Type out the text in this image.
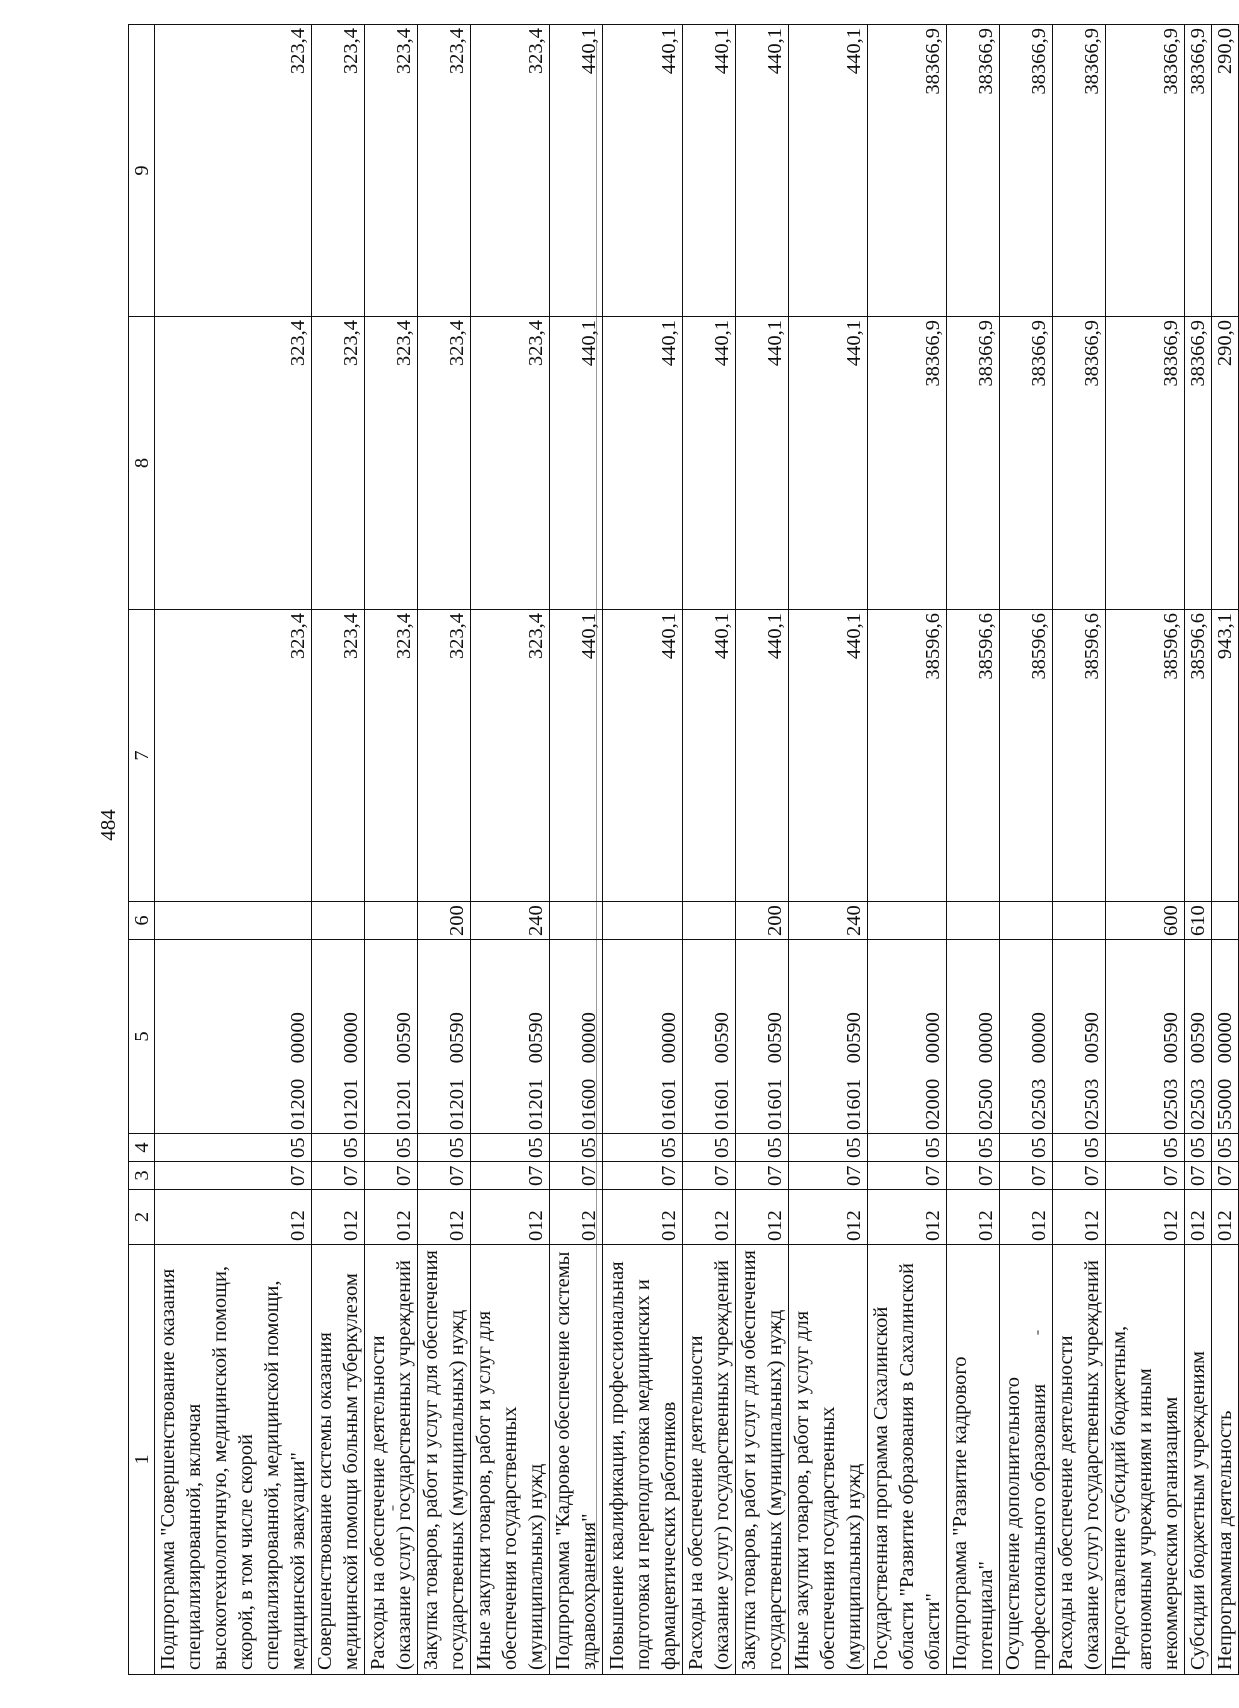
484
1	2	3	4	5	6	7	8	9
Подпрограмма "Совершенствование оказания специализированной, включая высокотехнологичную, медицинской помощи, скорой, в том числе скорой специализированной, медицинской помощи, медицинской эвакуации"	012	07	05	01200   00000		323,4	323,4	323,4
Совершенствование системы оказания медицинской помощи больным туберкулезом	012	07	05	01201   00000		323,4	323,4	323,4
Расходы на обеспечение деятельности (оказание услуг) государственных учреждений	012	07	05	01201   00590		323,4	323,4	323,4
Закупка товаров, работ и услуг для обеспечения государственных (муниципальных) нужд	012	07	05	01201   00590	200	323,4	323,4	323,4
Иные закупки товаров, работ и услуг для обеспечения государственных (муниципальных) нужд	012	07	05	01201   00590	240	323,4	323,4	323,4
Подпрограмма "Кадровое обеспечение системы здравоохранения"	012	07	05	01600   00000		440,1	440,1	440,1
Повышение квалификации, профессиональная подготовка и переподготовка медицинских и фармацевтических работников	012	07	05	01601   00000		440,1	440,1	440,1
Расходы на обеспечение деятельности (оказание услуг) государственных учреждений	012	07	05	01601   00590		440,1	440,1	440,1
Закупка товаров, работ и услуг для обеспечения государственных (муниципальных) нужд	012	07	05	01601   00590	200	440,1	440,1	440,1
Иные закупки товаров, работ и услуг для обеспечения государственных (муниципальных) нужд	012	07	05	01601   00590	240	440,1	440,1	440,1
Государственная программа Сахалинской области "Развитие образования в Сахалинской области"	012	07	05	02000   00000		38596,6	38366,9	38366,9
Подпрограмма "Развитие кадрового потенциала"	012	07	05	02500   00000		38596,6	38366,9	38366,9
Осуществление дополнительного профессионального образования	012	07	05	02503   00000		38596,6	38366,9	38366,9
Расходы на обеспечение деятельности (оказание услуг) государственных учреждений	012	07	05	02503   00590		38596,6	38366,9	38366,9
Предоставление субсидий бюджетным, автономным учреждениям и иным некоммерческим организациям	012	07	05	02503   00590	600	38596,6	38366,9	38366,9
Субсидии бюджетным учреждениям	012	07	05	02503   00590	610	38596,6	38366,9	38366,9
Непрограммная деятельность	012	07	05	55000   00000		943,1	290,0	290,0
